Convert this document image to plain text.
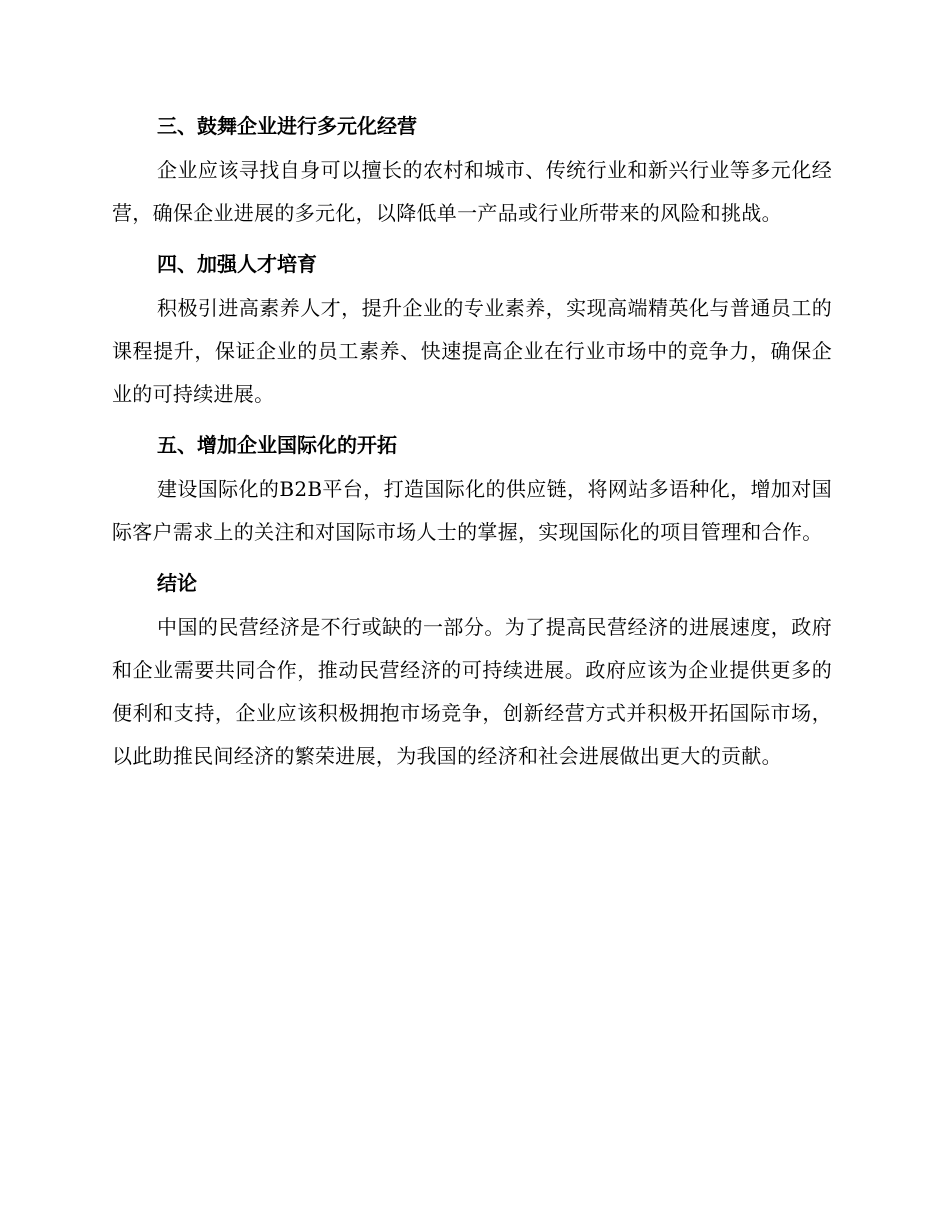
三、鼓舞企业进行多元化经营

企业应该寻找自身可以擅长的农村和城市、传统行业和新兴行业等多元化经营，确保企业进展的多元化，以降低单一产品或行业所带来的风险和挑战。

四、加强人才培育

积极引进高素养人才，提升企业的专业素养，实现高端精英化与普通员工的课程提升，保证企业的员工素养、快速提高企业在行业市场中的竞争力，确保企业的可持续进展。

五、增加企业国际化的开拓

建设国际化的B2B平台，打造国际化的供应链，将网站多语种化，增加对国际客户需求上的关注和对国际市场人士的掌握，实现国际化的项目管理和合作。

结论

中国的民营经济是不行或缺的一部分。为了提高民营经济的进展速度，政府和企业需要共同合作，推动民营经济的可持续进展。政府应该为企业提供更多的便利和支持，企业应该积极拥抱市场竞争，创新经营方式并积极开拓国际市场，以此助推民间经济的繁荣进展，为我国的经济和社会进展做出更大的贡献。
